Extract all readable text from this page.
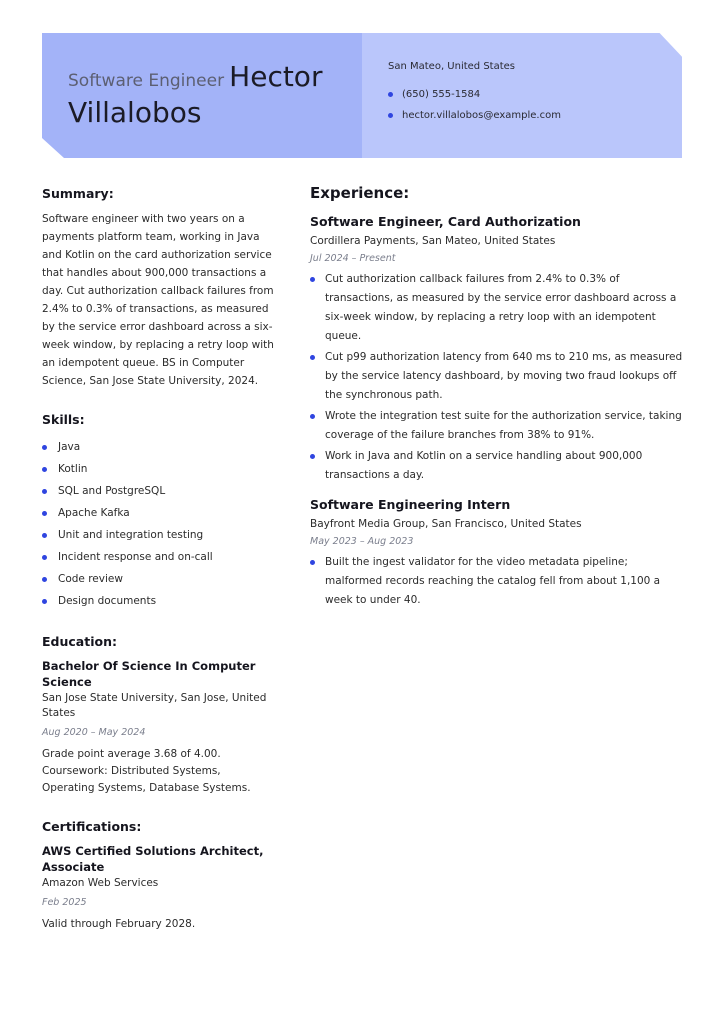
Software Engineer Hector Villalobos
San Mateo, United States
(650) 555-1584
hector.villalobos@example.com
Summary:
Software engineer with two years on a payments platform team, working in Java and Kotlin on the card authorization service that handles about 900,000 transactions a day. Cut authorization callback failures from 2.4% to 0.3% of transactions, as measured by the service error dashboard across a six-week window, by replacing a retry loop with an idempotent queue. BS in Computer Science, San Jose State University, 2024.
Skills:
Java
Kotlin
SQL and PostgreSQL
Apache Kafka
Unit and integration testing
Incident response and on-call
Code review
Design documents
Education:
Bachelor Of Science In Computer Science
San Jose State University, San Jose, United States
Aug 2020 – May 2024
Grade point average 3.68 of 4.00. Coursework: Distributed Systems, Operating Systems, Database Systems.
Certifications:
AWS Certified Solutions Architect, Associate
Amazon Web Services
Feb 2025
Valid through February 2028.
Experience:
Software Engineer, Card Authorization
Cordillera Payments, San Mateo, United States
Jul 2024 – Present
Cut authorization callback failures from 2.4% to 0.3% of transactions, as measured by the service error dashboard across a six-week window, by replacing a retry loop with an idempotent queue.
Cut p99 authorization latency from 640 ms to 210 ms, as measured by the service latency dashboard, by moving two fraud lookups off the synchronous path.
Wrote the integration test suite for the authorization service, taking coverage of the failure branches from 38% to 91%.
Work in Java and Kotlin on a service handling about 900,000 transactions a day.
Software Engineering Intern
Bayfront Media Group, San Francisco, United States
May 2023 – Aug 2023
Built the ingest validator for the video metadata pipeline; malformed records reaching the catalog fell from about 1,100 a week to under 40.
